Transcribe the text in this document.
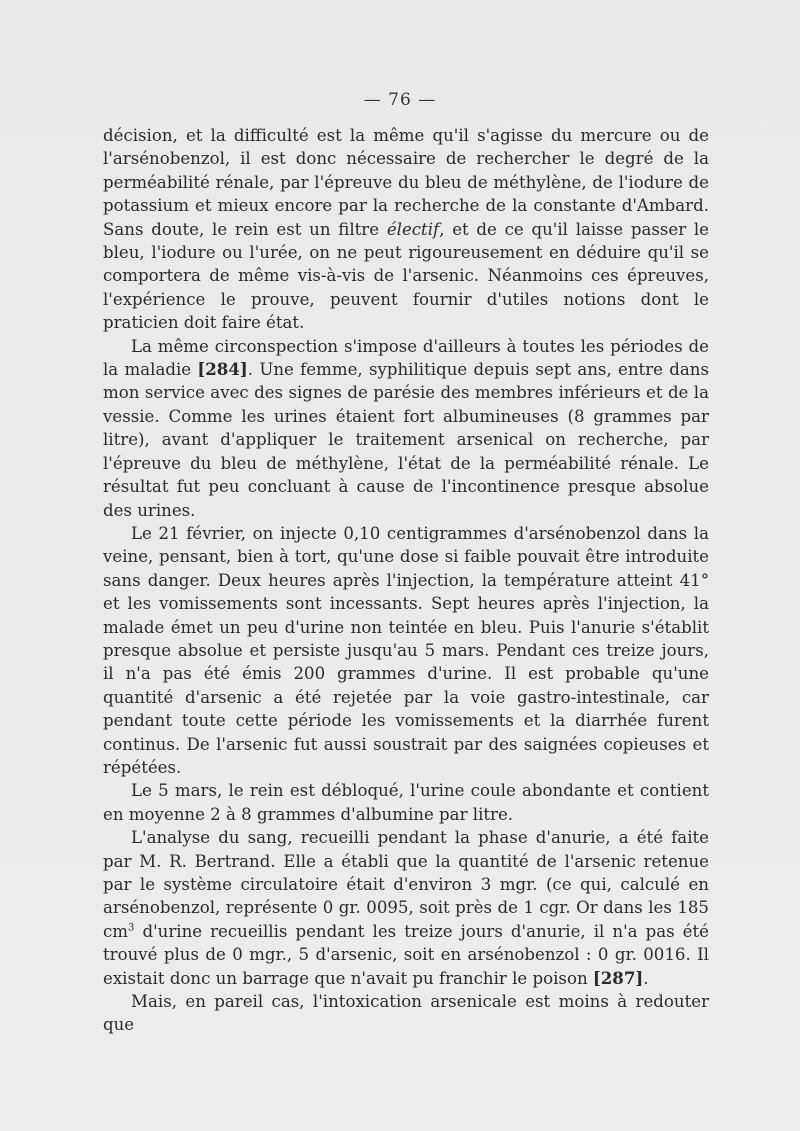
— 76 —

décision, et la difficulté est la même qu'il s'agisse du mercure ou de l'arsénobenzol, il est donc nécessaire de rechercher le degré de la perméabilité rénale, par l'épreuve du bleu de méthylène, de l'iodure de potassium et mieux encore par la recherche de la constante d'Ambard. Sans doute, le rein est un filtre électif, et de ce qu'il laisse passer le bleu, l'iodure ou l'urée, on ne peut rigoureusement en déduire qu'il se comportera de même vis-à-vis de l'arsenic. Néanmoins ces épreuves, l'expérience le prouve, peuvent fournir d'utiles notions dont le praticien doit faire état.

La même circonspection s'impose d'ailleurs à toutes les périodes de la maladie [284]. Une femme, syphilitique depuis sept ans, entre dans mon service avec des signes de parésie des membres inférieurs et de la vessie. Comme les urines étaient fort albumineuses (8 grammes par litre), avant d'appliquer le traitement arsenical on recherche, par l'épreuve du bleu de méthylène, l'état de la perméabilité rénale. Le résultat fut peu concluant à cause de l'incontinence presque absolue des urines.

Le 21 février, on injecte 0,10 centigrammes d'arsénobenzol dans la veine, pensant, bien à tort, qu'une dose si faible pouvait être introduite sans danger. Deux heures après l'injection, la température atteint 41° et les vomissements sont incessants. Sept heures après l'injection, la malade émet un peu d'urine non teintée en bleu. Puis l'anurie s'établit presque absolue et persiste jusqu'au 5 mars. Pendant ces treize jours, il n'a pas été émis 200 grammes d'urine. Il est probable qu'une quantité d'arsenic a été rejetée par la voie gastro-intestinale, car pendant toute cette période les vomissements et la diarrhée furent continus. De l'arsenic fut aussi soustrait par des saignées copieuses et répétées.

Le 5 mars, le rein est débloqué, l'urine coule abondante et contient en moyenne 2 à 8 grammes d'albumine par litre.

L'analyse du sang, recueilli pendant la phase d'anurie, a été faite par M. R. Bertrand. Elle a établi que la quantité de l'arsenic retenue par le système circulatoire était d'environ 3 mgr. (ce qui, calculé en arsénobenzol, représente 0 gr. 0095, soit près de 1 cgr. Or dans les 185 $cm^3$ d'urine recueillis pendant les treize jours d'anurie, il n'a pas été trouvé plus de 0 mgr., 5 d'arsenic, soit en arsénobenzol : 0 gr. 0016. Il existait donc un barrage que n'avait pu franchir le poison [287].

Mais, en pareil cas, l'intoxication arsenicale est moins à redouter que
